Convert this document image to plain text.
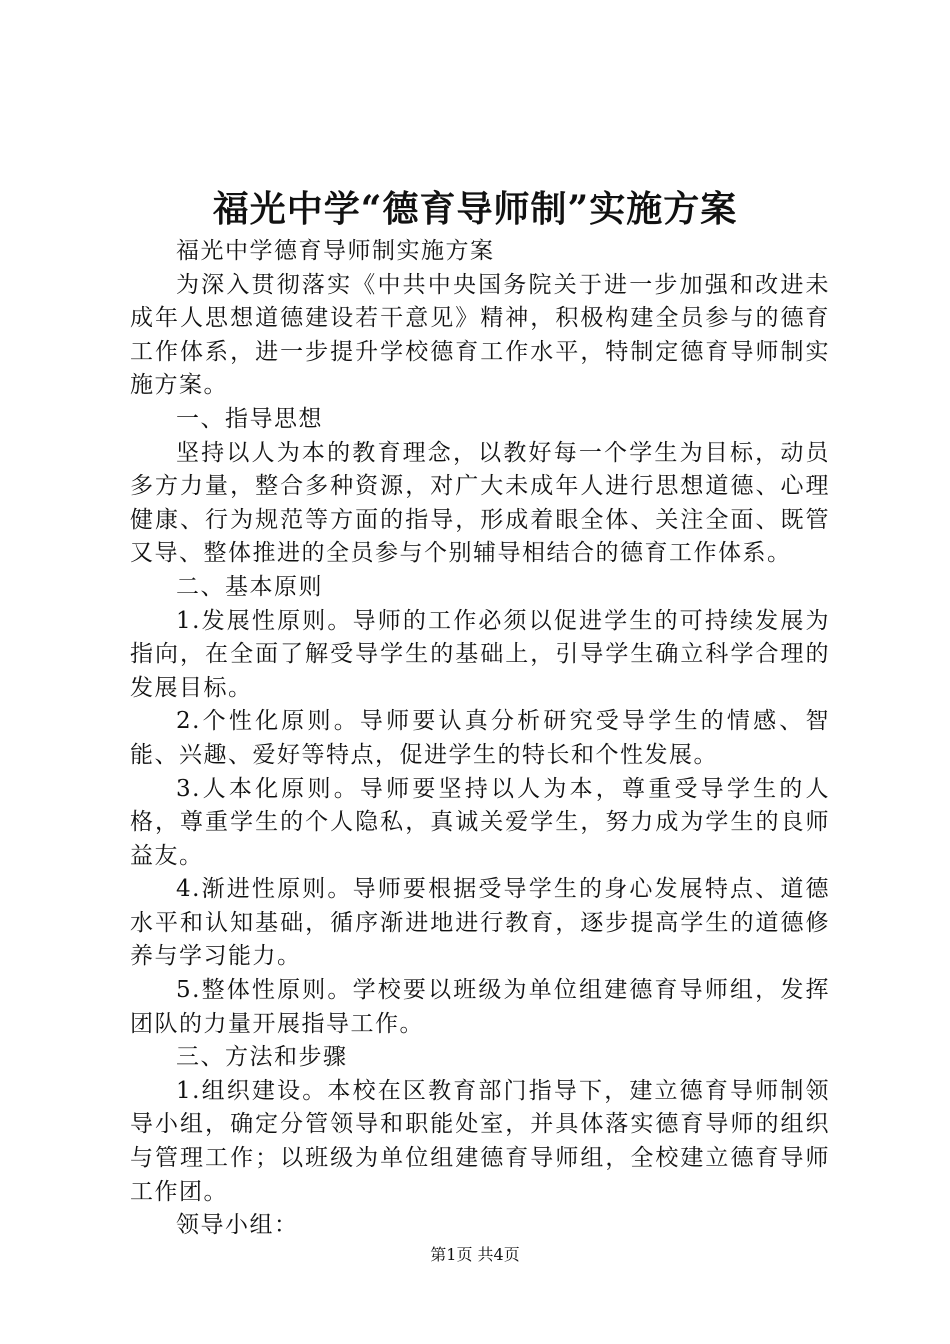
福光中学“德育导师制”实施方案

福光中学德育导师制实施方案

为深入贯彻落实《中共中央国务院关于进一步加强和改进未成年人思想道德建设若干意见》精神，积极构建全员参与的德育工作体系，进一步提升学校德育工作水平，特制定德育导师制实施方案。

一、指导思想

坚持以人为本的教育理念，以教好每一个学生为目标，动员多方力量，整合多种资源，对广大未成年人进行思想道德、心理健康、行为规范等方面的指导，形成着眼全体、关注全面、既管又导、整体推进的全员参与个别辅导相结合的德育工作体系。

二、基本原则

1.发展性原则。导师的工作必须以促进学生的可持续发展为指向，在全面了解受导学生的基础上，引导学生确立科学合理的发展目标。

2.个性化原则。导师要认真分析研究受导学生的情感、智能、兴趣、爱好等特点，促进学生的特长和个性发展。

3.人本化原则。导师要坚持以人为本，尊重受导学生的人格，尊重学生的个人隐私，真诚关爱学生，努力成为学生的良师益友。

4.渐进性原则。导师要根据受导学生的身心发展特点、道德水平和认知基础，循序渐进地进行教育，逐步提高学生的道德修养与学习能力。

5.整体性原则。学校要以班级为单位组建德育导师组，发挥团队的力量开展指导工作。

三、方法和步骤

1.组织建设。本校在区教育部门指导下，建立德育导师制领导小组，确定分管领导和职能处室，并具体落实德育导师的组织与管理工作；以班级为单位组建德育导师组，全校建立德育导师工作团。

领导小组：

第1页 共4页
